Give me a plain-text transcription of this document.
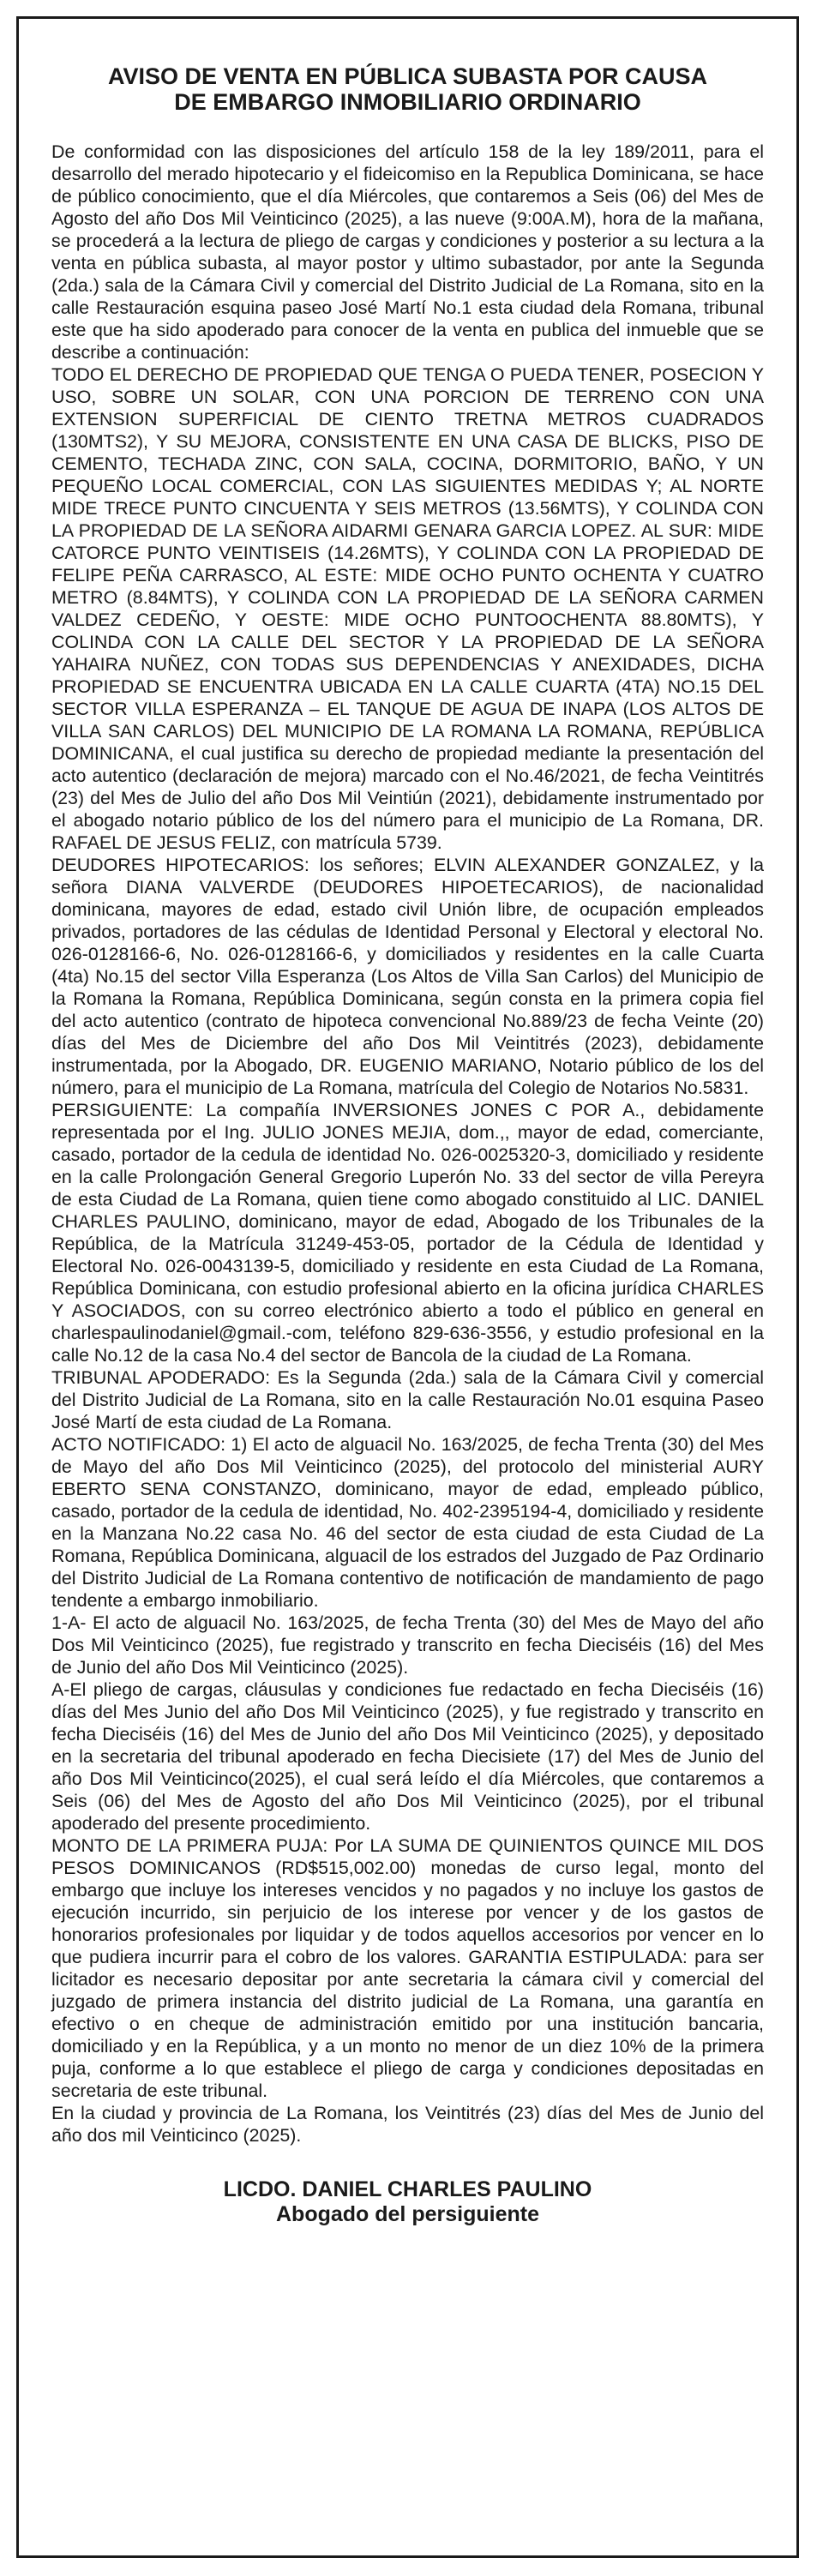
AVISO DE VENTA EN PÚBLICA SUBASTA POR CAUSA
DE EMBARGO INMOBILIARIO ORDINARIO

De conformidad con las disposiciones del artículo 158 de la ley 189/2011, para el desarrollo del merado hipotecario y el fideicomiso en la Republica Dominicana, se hace de público conocimiento, que el día Miércoles, que contaremos a Seis (06) del Mes de Agosto del año Dos Mil Veinticinco (2025), a las nueve (9:00A.M), hora de la mañana, se procederá a la lectura de pliego de cargas y condiciones y posterior a su lectura a la venta en pública subasta, al mayor postor y ultimo subastador, por ante la Segunda (2da.) sala de la Cámara Civil y comercial del Distrito Judicial de La Romana, sito en la calle Restauración esquina paseo José Martí No.1 esta ciudad dela Romana, tribunal este que ha sido apoderado para conocer de la venta en publica del inmueble que se describe a continuación:

TODO EL DERECHO DE PROPIEDAD QUE TENGA O PUEDA TENER, POSECION Y USO, SOBRE UN SOLAR, CON UNA PORCION DE TERRENO CON UNA EXTENSION SUPERFICIAL DE CIENTO TRETNA METROS CUADRADOS (130MTS2), Y SU MEJORA, CONSISTENTE EN UNA CASA DE BLICKS, PISO DE CEMENTO, TECHADA ZINC, CON SALA, COCINA, DORMITORIO, BAÑO, Y UN PEQUEÑO LOCAL COMERCIAL, CON LAS SIGUIENTES MEDIDAS Y; AL NORTE MIDE TRECE PUNTO CINCUENTA Y SEIS METROS (13.56MTS), Y COLINDA CON LA PROPIEDAD DE LA SEÑORA AIDARMI GENARA GARCIA LOPEZ. AL SUR: MIDE CATORCE PUNTO VEINTISEIS (14.26MTS), Y COLINDA CON LA PROPIEDAD DE FELIPE PEÑA CARRASCO, AL ESTE: MIDE OCHO PUNTO OCHENTA Y CUATRO METRO (8.84MTS), Y COLINDA CON LA PROPIEDAD DE LA SEÑORA CARMEN VALDEZ CEDEÑO, Y OESTE: MIDE OCHO PUNTOOCHENTA 88.80MTS), Y COLINDA CON LA CALLE DEL SECTOR Y LA PROPIEDAD DE LA SEÑORA YAHAIRA NUÑEZ, CON TODAS SUS DEPENDENCIAS Y ANEXIDADES, DICHA PROPIEDAD SE ENCUENTRA UBICADA EN LA CALLE CUARTA (4TA) NO.15 DEL SECTOR VILLA ESPERANZA – EL TANQUE DE AGUA DE INAPA (LOS ALTOS DE VILLA SAN CARLOS) DEL MUNICIPIO DE LA ROMANA LA ROMANA, REPÚBLICA DOMINICANA, el cual justifica su derecho de propiedad mediante la presentación del acto autentico (declaración de mejora) marcado con el No.46/2021, de fecha Veintitrés (23) del Mes de Julio del año Dos Mil Veintiún (2021), debidamente instrumentado por el abogado notario público de los del número para el municipio de La Romana, DR. RAFAEL DE JESUS FELIZ, con matrícula 5739.

DEUDORES HIPOTECARIOS: los señores; ELVIN ALEXANDER GONZALEZ, y la señora DIANA VALVERDE (DEUDORES HIPOETECARIOS), de nacionalidad dominicana, mayores de edad, estado civil Unión libre, de ocupación empleados privados, portadores de las cédulas de Identidad Personal y Electoral y electoral No. 026-0128166-6, No. 026-0128166-6, y domiciliados y residentes en la calle Cuarta (4ta) No.15 del sector Villa Esperanza (Los Altos de Villa San Carlos) del Municipio de la Romana la Romana, República Dominicana, según consta en la primera copia fiel del acto autentico (contrato de hipoteca convencional No.889/23 de fecha Veinte (20) días del Mes de Diciembre del año Dos Mil Veintitrés (2023), debidamente instrumentada, por la Abogado, DR. EUGENIO MARIANO, Notario público de los del número, para el municipio de La Romana, matrícula del Colegio de Notarios No.5831.

PERSIGUIENTE: La compañía INVERSIONES JONES C POR A., debidamente representada por el Ing. JULIO JONES MEJIA, dom.,, mayor de edad, comerciante, casado, portador de la cedula de identidad No. 026-0025320-3, domiciliado y residente en la calle Prolongación General Gregorio Luperón No. 33 del sector de villa Pereyra de esta Ciudad de La Romana, quien tiene como abogado constituido al LIC. DANIEL CHARLES PAULINO, dominicano, mayor de edad, Abogado de los Tribunales de la República, de la Matrícula 31249-453-05, portador de la Cédula de Identidad y Electoral No. 026-0043139-5, domiciliado y residente en esta Ciudad de La Romana, República Dominicana, con estudio profesional abierto en la oficina jurídica CHARLES Y ASOCIADOS, con su correo electrónico abierto a todo el público en general en charlespaulinodaniel@gmail.-com, teléfono 829-636-3556, y estudio profesional en la calle No.12 de la casa No.4 del sector de Bancola de la ciudad de La Romana.

TRIBUNAL APODERADO: Es la Segunda (2da.) sala de la Cámara Civil y comercial del Distrito Judicial de La Romana, sito en la calle Restauración No.01 esquina Paseo José Martí de esta ciudad de La Romana.

ACTO NOTIFICADO: 1) El acto de alguacil No. 163/2025, de fecha Trenta (30) del Mes de Mayo del año Dos Mil Veinticinco (2025), del protocolo del ministerial AURY EBERTO SENA CONSTANZO, dominicano, mayor de edad, empleado público, casado, portador de la cedula de identidad, No. 402-2395194-4, domiciliado y residente en la Manzana No.22 casa No. 46 del sector de esta ciudad de esta Ciudad de La Romana, República Dominicana, alguacil de los estrados del Juzgado de Paz Ordinario del Distrito Judicial de La Romana contentivo de notificación de mandamiento de pago tendente a embargo inmobiliario.

1-A- El acto de alguacil No. 163/2025, de fecha Trenta (30) del Mes de Mayo del año Dos Mil Veinticinco (2025), fue registrado y transcrito en fecha Dieciséis (16) del Mes de Junio del año Dos Mil Veinticinco (2025).

A-El pliego de cargas, cláusulas y condiciones fue redactado en fecha Dieciséis (16) días del Mes Junio del año Dos Mil Veinticinco (2025), y fue registrado y transcrito en fecha Dieciséis (16) del Mes de Junio del año Dos Mil Veinticinco (2025), y depositado en la secretaria del tribunal apoderado en fecha Diecisiete (17) del Mes de Junio del año Dos Mil Veinticinco(2025), el cual será leído el día Miércoles, que contaremos a Seis (06) del Mes de Agosto del año Dos Mil Veinticinco (2025), por el tribunal apoderado del presente procedimiento.

MONTO DE LA PRIMERA PUJA: Por LA SUMA DE QUINIENTOS QUINCE MIL DOS PESOS DOMINICANOS (RD$515,002.00) monedas de curso legal, monto del embargo que incluye los intereses vencidos y no pagados y no incluye los gastos de ejecución incurrido, sin perjuicio de los interese por vencer y de los gastos de honorarios profesionales por liquidar y de todos aquellos accesorios por vencer en lo que pudiera incurrir para el cobro de los valores. GARANTIA ESTIPULADA: para ser licitador es necesario depositar por ante secretaria la cámara civil y comercial del juzgado de primera instancia del distrito judicial de La Romana, una garantía en efectivo o en cheque de administración emitido por una institución bancaria, domiciliado y en la República, y a un monto no menor de un diez 10% de la primera puja, conforme a lo que establece el pliego de carga y condiciones depositadas en secretaria de este tribunal.

En la ciudad y provincia de La Romana, los Veintitrés (23) días del Mes de Junio del año dos mil Veinticinco (2025).

LICDO. DANIEL CHARLES PAULINO
Abogado del persiguiente
